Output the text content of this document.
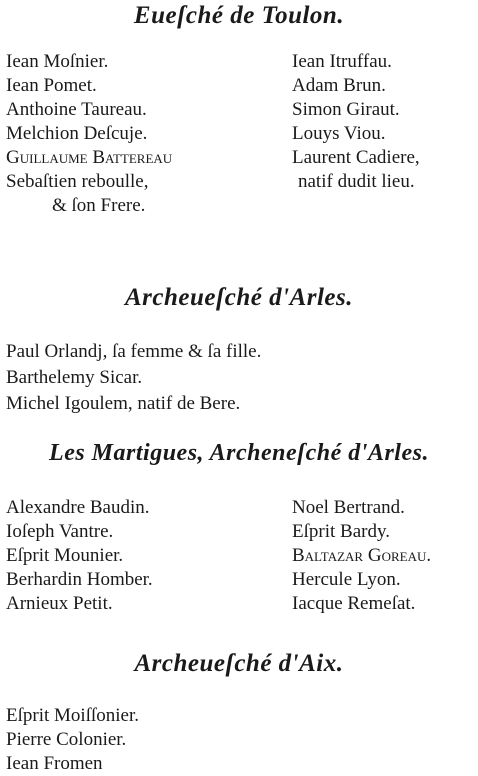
Eueſché de Toulon.
Iean Moſnier.
Iean Pomet.
Anthoine Taureau.
Melchion Deſcuje.
Guillaume Battereau
Sebaſtien reboulle,
& ſon Frere.
Iean Itruffau.
Adam Brun.
Simon Giraut.
Louys Viou.
Laurent Cadiere,
natif dudit lieu.
Archeueſché d'Arles.
Paul Orlandj, ſa femme & ſa fille.
Barthelemy Sicar.
Michel Igoulem, natif de Bere.
Les Martigues, Archeneſché d'Arles.
Alexandre Baudin.
Ioſeph Vantre.
Eſprit Mounier.
Berhardin Homber.
Arnieux Petit.
Noel Bertrand.
Eſprit Bardy.
Baltazar Goreau.
Hercule Lyon.
Iacque Remeſat.
Archeueſché d'Aix.
Eſprit Moiſſonier.
Pierre Colonier.
Iean Fromen
